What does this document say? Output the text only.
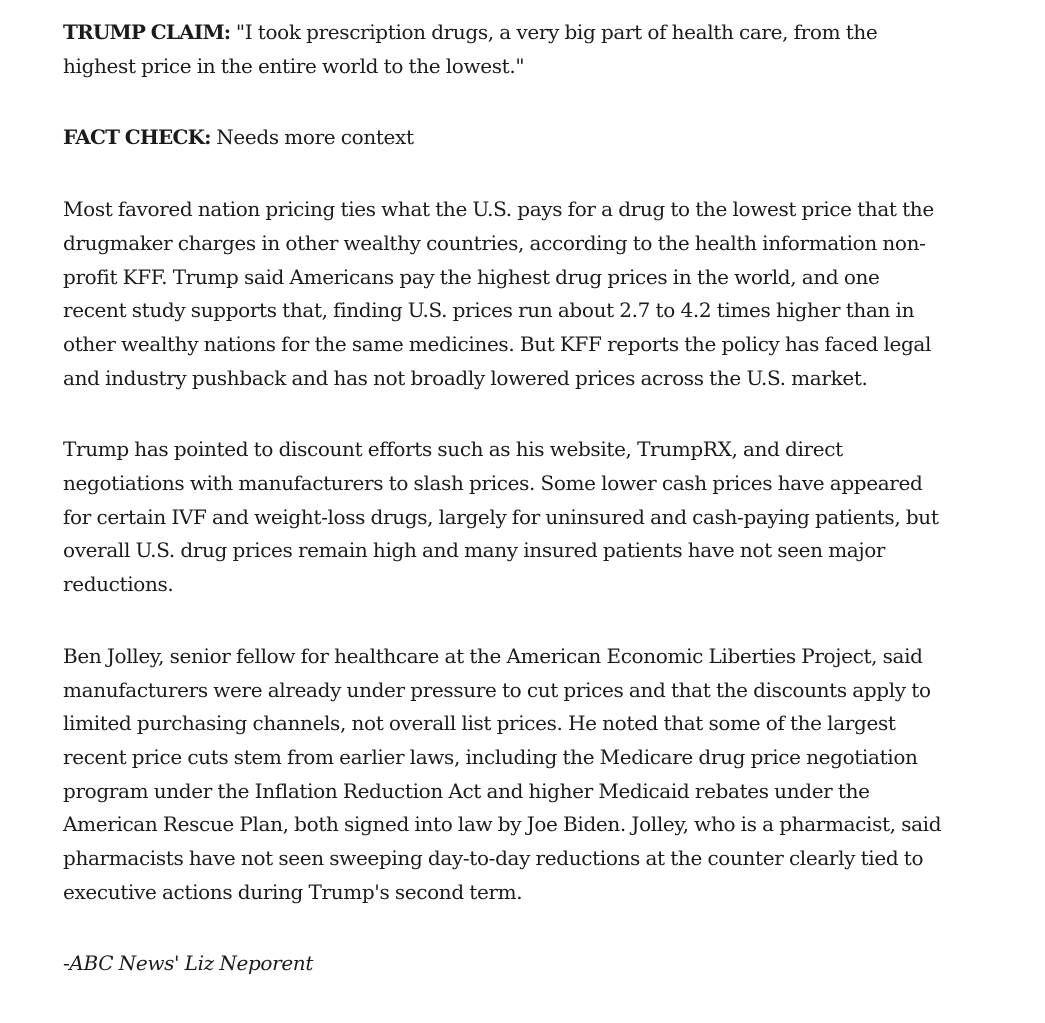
TRUMP CLAIM: "I took prescription drugs, a very big part of health care, from the highest price in the entire world to the lowest."

FACT CHECK: Needs more context

Most favored nation pricing ties what the U.S. pays for a drug to the lowest price that the drugmaker charges in other wealthy countries, according to the health information non-profit KFF. Trump said Americans pay the highest drug prices in the world, and one recent study supports that, finding U.S. prices run about 2.7 to 4.2 times higher than in other wealthy nations for the same medicines. But KFF reports the policy has faced legal and industry pushback and has not broadly lowered prices across the U.S. market.

Trump has pointed to discount efforts such as his website, TrumpRX, and direct negotiations with manufacturers to slash prices. Some lower cash prices have appeared for certain IVF and weight-loss drugs, largely for uninsured and cash-paying patients, but overall U.S. drug prices remain high and many insured patients have not seen major reductions.

Ben Jolley, senior fellow for healthcare at the American Economic Liberties Project, said manufacturers were already under pressure to cut prices and that the discounts apply to limited purchasing channels, not overall list prices. He noted that some of the largest recent price cuts stem from earlier laws, including the Medicare drug price negotiation program under the Inflation Reduction Act and higher Medicaid rebates under the American Rescue Plan, both signed into law by Joe Biden. Jolley, who is a pharmacist, said pharmacists have not seen sweeping day-to-day reductions at the counter clearly tied to executive actions during Trump's second term.

-ABC News' Liz Neporent
